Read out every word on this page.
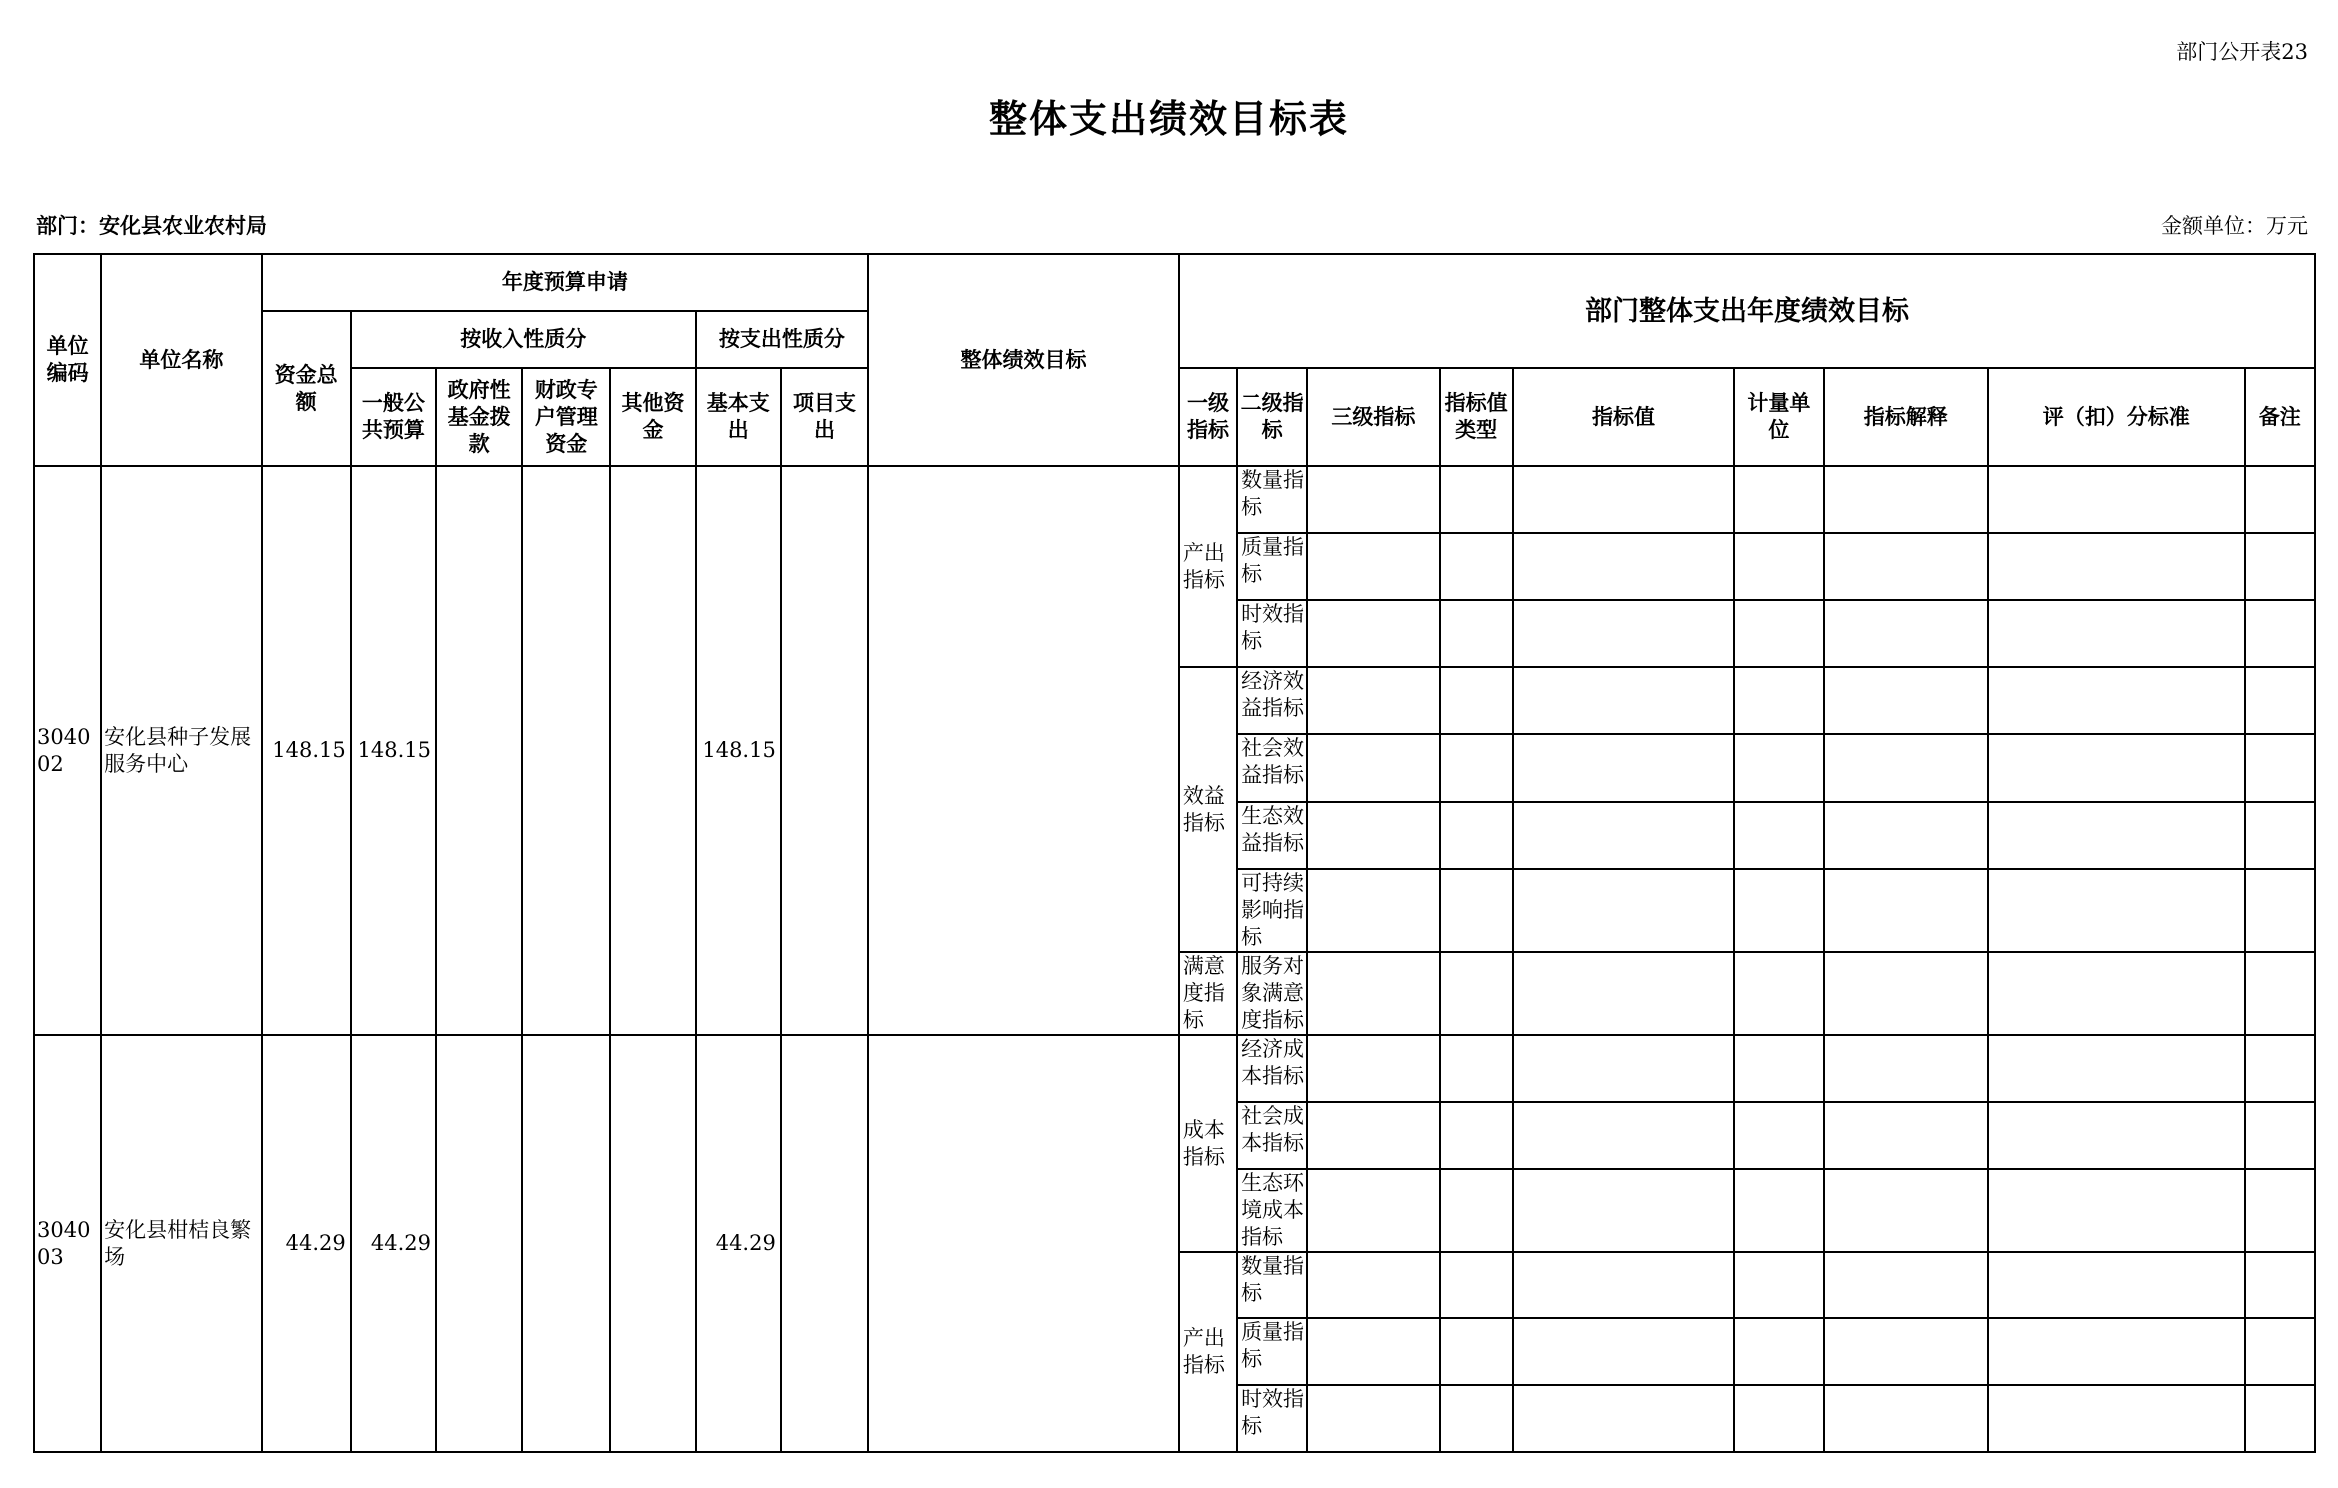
部门公开表23
整体支出绩效目标表
部门：安化县农业农村局	金额单位：万元
单位编码	单位名称	年度预算申请							整体绩效目标	部门整体支出年度绩效目标								
		资金总额	按收入性质分				按支出性质分											
			一般公共预算	政府性基金拨款	财政专户管理资金	其他资金	基本支出	项目支出		一级指标	二级指标	三级指标	指标值类型	指标值	计量单位	指标解释	评（扣）分标准	备注
304002	安化县种子发展服务中心	148.15	148.15				148.15			产出指标	数量指标							
											质量指标							
											时效指标							
										效益指标	经济效益指标							
											社会效益指标							
											生态效益指标							
											可持续影响指标							
										满意度指标	服务对象满意度指标							
304003	安化县柑桔良繁场	44.29	44.29				44.29			成本指标	经济成本指标							
											社会成本指标							
											生态环境成本指标							
										产出指标	数量指标							
											质量指标							
											时效指标							
